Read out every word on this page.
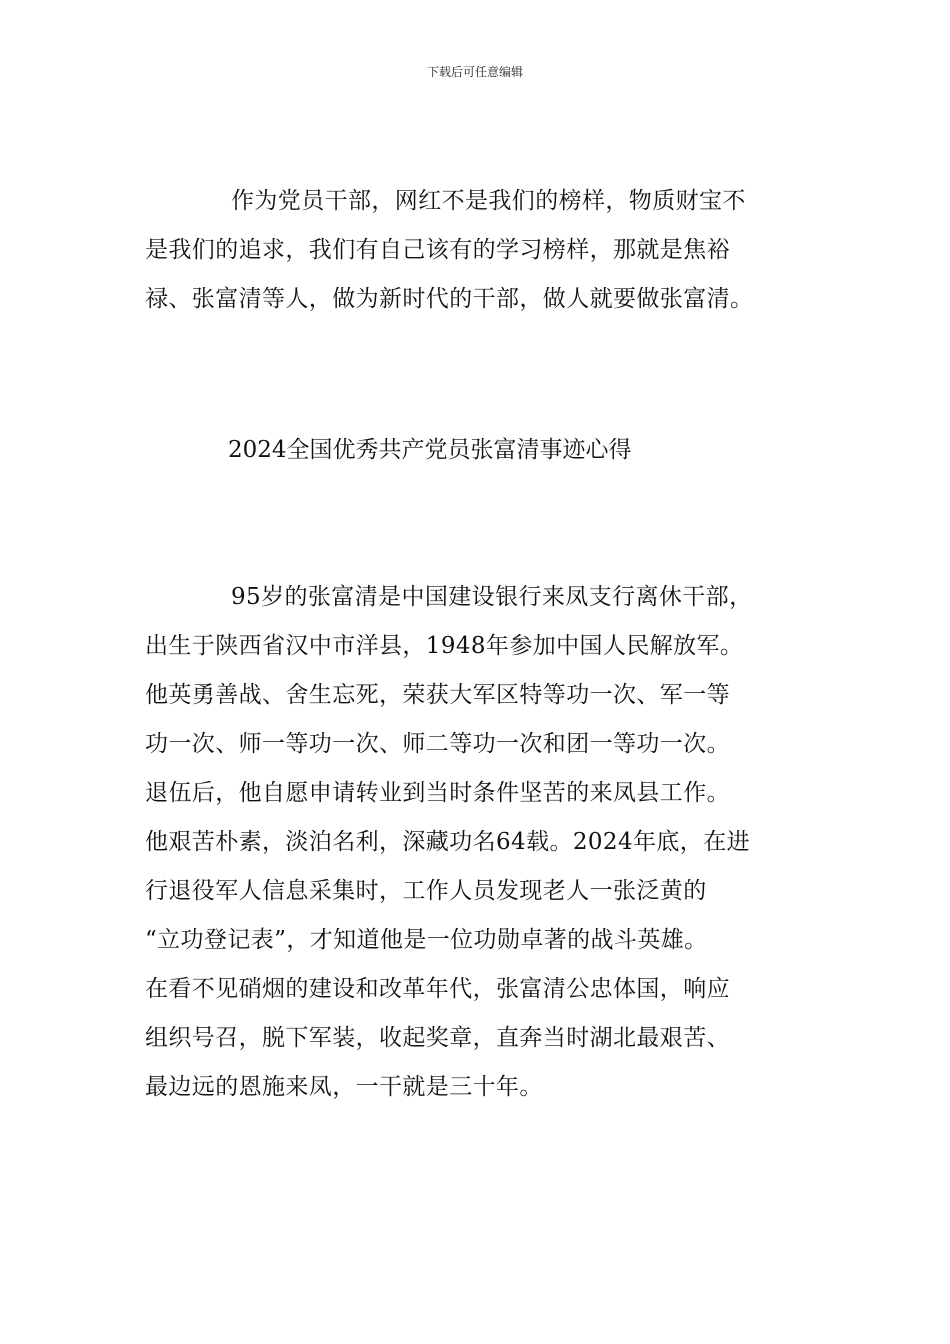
下载后可任意编辑

作为党员干部，网红不是我们的榜样，物质财宝不
是我们的追求，我们有自己该有的学习榜样，那就是焦裕
禄、张富清等人，做为新时代的干部，做人就要做张富清。

2024全国优秀共产党员张富清事迹心得

95岁的张富清是中国建设银行来凤支行离休干部，
出生于陕西省汉中市洋县，1948年参加中国人民解放军。
他英勇善战、舍生忘死，荣获大军区特等功一次、军一等
功一次、师一等功一次、师二等功一次和团一等功一次。
退伍后，他自愿申请转业到当时条件坚苦的来凤县工作。
他艰苦朴素，淡泊名利，深藏功名64载。2024年底，在进
行退役军人信息采集时，工作人员发现老人一张泛黄的
“立功登记表”，才知道他是一位功勋卓著的战斗英雄。
在看不见硝烟的建设和改革年代，张富清公忠体国，响应
组织号召，脱下军装，收起奖章，直奔当时湖北最艰苦、
最边远的恩施来凤，一干就是三十年。
